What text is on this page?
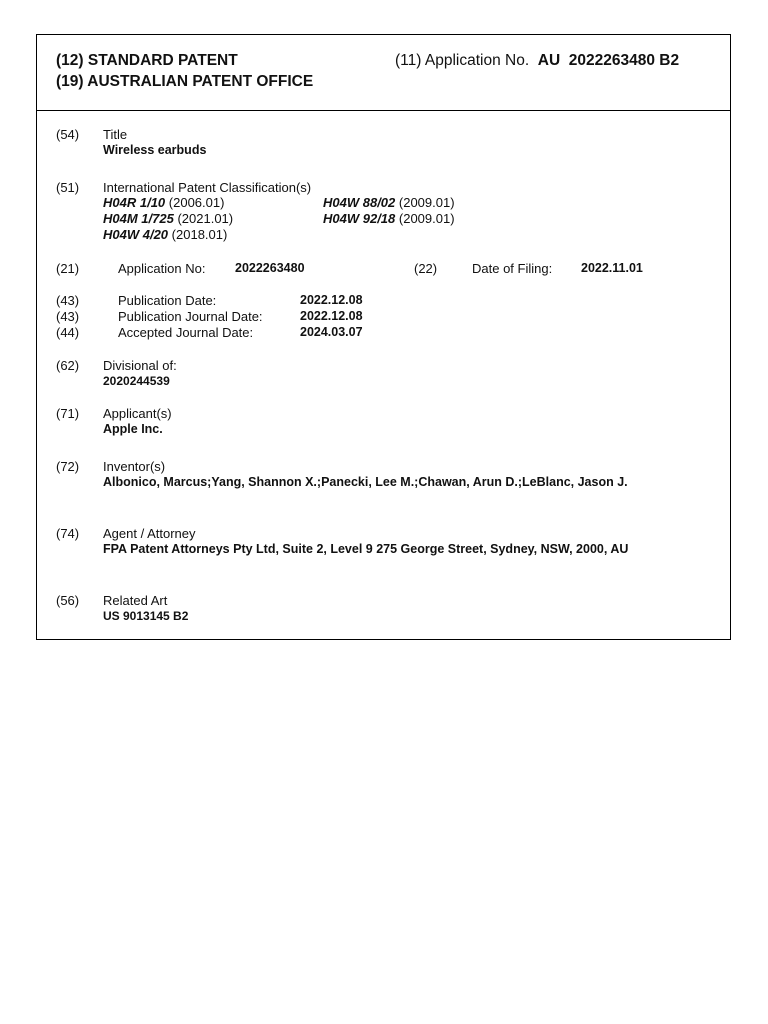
(12) STANDARD PATENT
(19) AUSTRALIAN PATENT OFFICE
(11) Application No. AU 2022263480 B2
(54) Title
Wireless earbuds
(51) International Patent Classification(s)
H04R 1/10 (2006.01)	H04W 88/02 (2009.01)
H04M 1/725 (2021.01)	H04W 92/18 (2009.01)
H04W 4/20 (2018.01)
(21)	Application No: 2022263480	(22)	Date of Filing: 2022.11.01
(43)	Publication Date:	2022.12.08
(43)	Publication Journal Date:	2022.12.08
(44)	Accepted Journal Date:	2024.03.07
(62) Divisional of:
2020244539
(71) Applicant(s)
Apple Inc.
(72) Inventor(s)
Albonico, Marcus;Yang, Shannon X.;Panecki, Lee M.;Chawan, Arun D.;LeBlanc, Jason J.
(74) Agent / Attorney
FPA Patent Attorneys Pty Ltd, Suite 2, Level 9 275 George Street, Sydney, NSW, 2000, AU
(56) Related Art
US 9013145 B2
